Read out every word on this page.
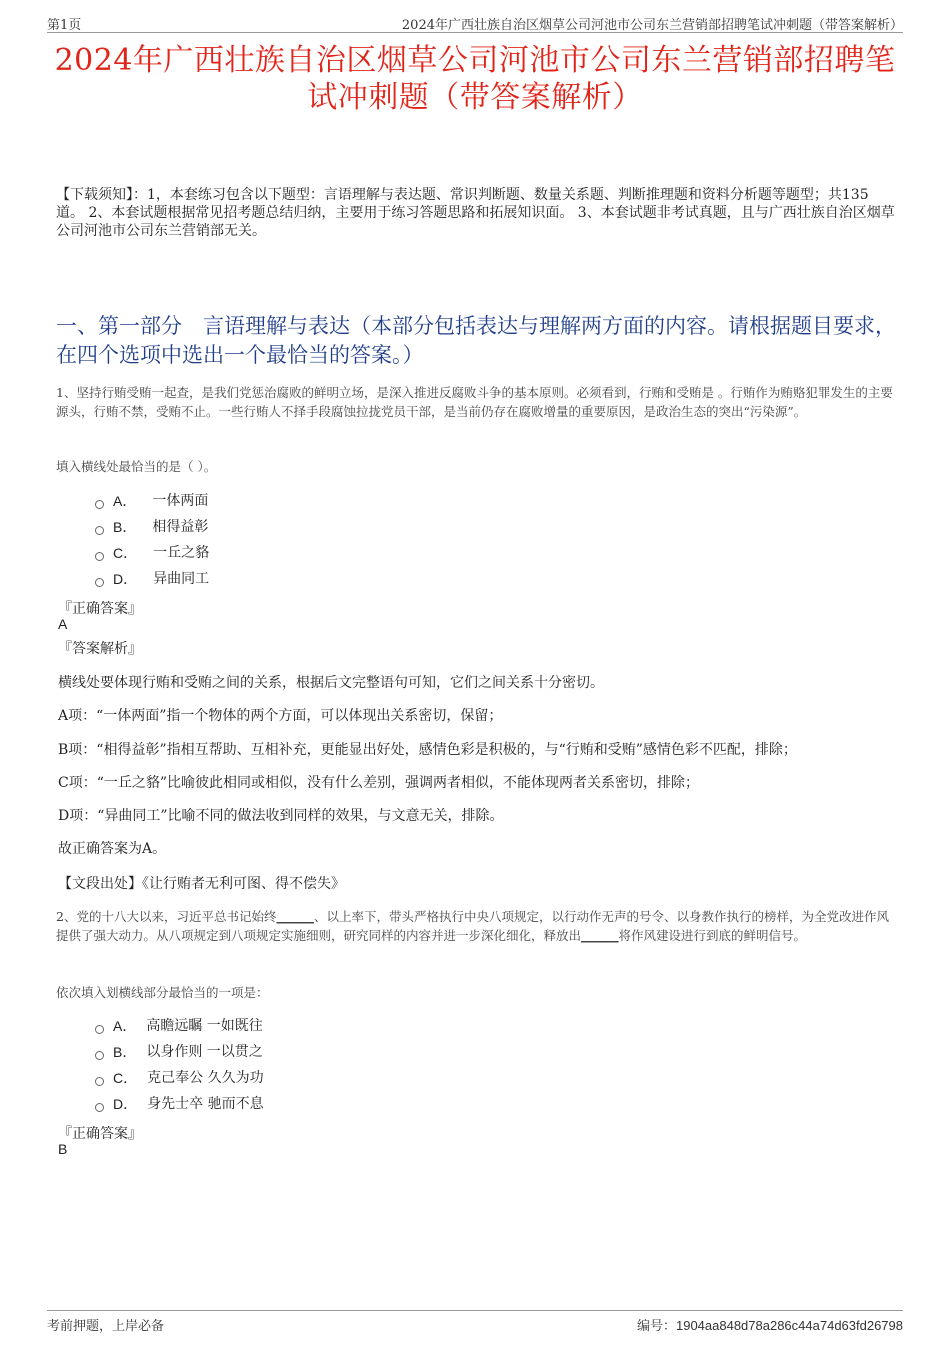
第1页	2024年广西壮族自治区烟草公司河池市公司东兰营销部招聘笔试冲刺题（带答案解析）
2024年广西壮族自治区烟草公司河池市公司东兰营销部招聘笔试冲刺题（带答案解析）
【下载须知】：1，本套练习包含以下题型：言语理解与表达题、常识判断题、数量关系题、判断推理题和资料分析题等题型；共135道。 2、本套试题根据常见招考题总结归纳，主要用于练习答题思路和拓展知识面。 3、本套试题非考试真题，且与广西壮族自治区烟草公司河池市公司东兰营销部无关。
一、第一部分　言语理解与表达（本部分包括表达与理解两方面的内容。请根据题目要求，在四个选项中选出一个最恰当的答案。）
1、坚持行贿受贿一起查，是我们党惩治腐败的鲜明立场，是深入推进反腐败斗争的基本原则。必须看到，行贿和受贿是 。行贿作为贿赂犯罪发生的主要源头，行贿不禁，受贿不止。一些行贿人不择手段腐蚀拉拢党员干部，是当前仍存在腐败增量的重要原因，是政治生态的突出“污染源”。
填入横线处最恰当的是（ ）。
A． 一体两面
B． 相得益彰
C． 一丘之貉
D． 异曲同工
『正确答案』
A
『答案解析』
横线处要体现行贿和受贿之间的关系，根据后文完整语句可知，它们之间关系十分密切。
A项：“一体两面”指一个物体的两个方面，可以体现出关系密切，保留；
B项：“相得益彰”指相互帮助、互相补充，更能显出好处，感情色彩是积极的，与“行贿和受贿”感情色彩不匹配，排除；
C项：“一丘之貉”比喻彼此相同或相似，没有什么差别，强调两者相似，不能体现两者关系密切，排除；
D项：“异曲同工”比喻不同的做法收到同样的效果，与文意无关，排除。
故正确答案为A。
【文段出处】《让行贿者无利可图、得不偿失》
2、党的十八大以来，习近平总书记始终______、以上率下，带头严格执行中央八项规定，以行动作无声的号令、以身教作执行的榜样，为全党改进作风提供了强大动力。从八项规定到八项规定实施细则，研究同样的内容并进一步深化细化，释放出______将作风建设进行到底的鲜明信号。
依次填入划横线部分最恰当的一项是：
A． 高瞻远瞩 一如既往
B． 以身作则 一以贯之
C． 克己奉公 久久为功
D． 身先士卒 驰而不息
『正确答案』
B
考前押题，上岸必备	编号：1904aa848d78a286c44a74d63fd26798
